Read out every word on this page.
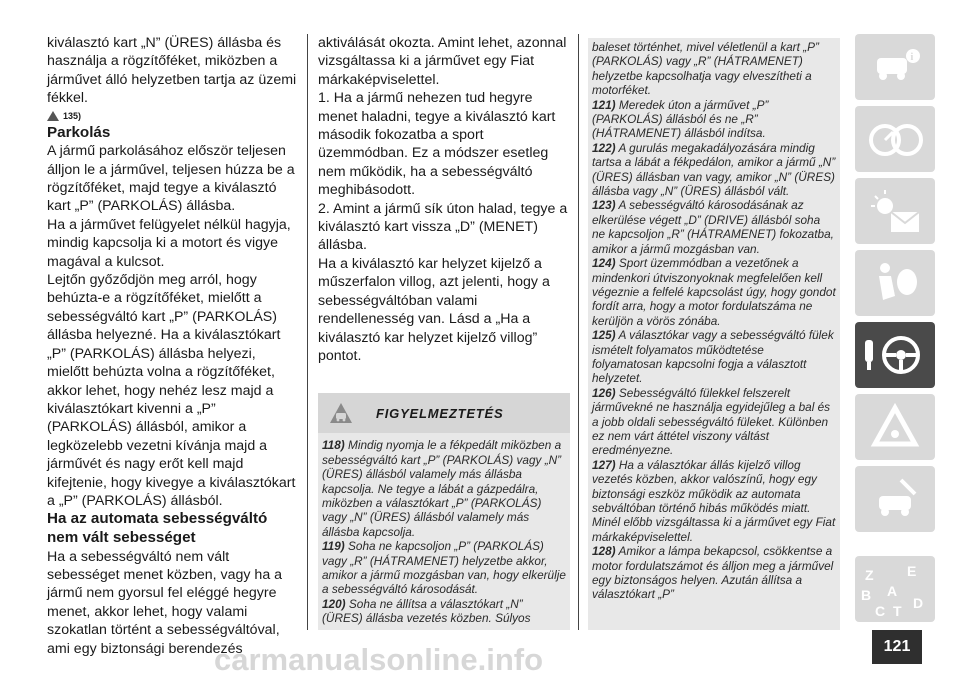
kiválasztó kart „N” (ÜRES) állásba és használja a rögzítőféket, miközben a járművet álló helyzetben tartja az üzemi fékkel.

135)

Parkolás

A jármű parkolásához először teljesen álljon le a járművel, teljesen húzza be a rögzítőféket, majd tegye a kiválasztó kart „P” (PARKOLÁS) állásba.

Ha a járművet felügyelet nélkül hagyja, mindig kapcsolja ki a motort és vigye magával a kulcsot.

Lejtőn győződjön meg arról, hogy behúzta-e a rögzítőféket, mielőtt a sebességváltó kart „P” (PARKOLÁS) állásba helyezné. Ha a kiválasztókart „P” (PARKOLÁS) állásba helyezi, mielőtt behúzta volna a rögzítőféket, akkor lehet, hogy nehéz lesz majd a kiválasztókart kivenni a „P” (PARKOLÁS) állásból, amikor a legközelebb vezetni kívánja majd a járművét és nagy erőt kell majd kifejtenie, hogy kivegye a kiválasztókart a „P” (PARKOLÁS) állásból.

Ha az automata sebességváltó nem vált sebességet

Ha a sebességváltó nem vált sebességet menet közben, vagy ha a jármű nem gyorsul fel eléggé hegyre menet, akkor lehet, hogy valami szokatlan történt a sebességváltóval, ami egy biztonsági berendezés

aktiválását okozta. Amint lehet, azonnal vizsgáltassa ki a járművet egy Fiat márkaképviselettel.

1. Ha a jármű nehezen tud hegyre menet haladni, tegye a kiválasztó kart második fokozatba a sport üzemmódban. Ez a módszer esetleg nem működik, ha a sebességváltó meghibásodott.

2. Amint a jármű sík úton halad, tegye a kiválasztó kart vissza „D” (MENET) állásba.

Ha a kiválasztó kar helyzet kijelző a műszerfalon villog, azt jelenti, hogy a sebességváltóban valami rendellenesség van. Lásd a „Ha a kiválasztó kar helyzet kijelző villog” pontot.

FIGYELMEZTETÉS

118) Mindig nyomja le a fékpedált miközben a sebességváltó kart „P” (PARKOLÁS) vagy „N” (ÜRES) állásból valamely más állásba kapcsolja. Ne tegye a lábát a gázpedálra, miközben a választókart „P” (PARKOLÁS) vagy „N” (ÜRES) állásból valamely más állásba kapcsolja.

119) Soha ne kapcsoljon „P” (PARKOLÁS) vagy „R” (HÁTRAMENET) helyzetbe akkor, amikor a jármű mozgásban van, hogy elkerülje a sebességváltó károsodását.

120) Soha ne állítsa a választókart „N” (ÜRES) állásba vezetés közben. Súlyos

baleset történhet, mivel véletlenül a kart „P” (PARKOLÁS) vagy „R” (HÁTRAMENET) helyzetbe kapcsolhatja vagy elveszítheti a motorféket.

121) Meredek úton a járművet „P” (PARKOLÁS) állásból és ne „R” (HÁTRAMENET) állásból indítsa.

122) A gurulás megakadályozására mindig tartsa a lábát a fékpedálon, amikor a jármű „N” (ÜRES) állásban van vagy, amikor „N” (ÜRES) állásba vagy „N” (ÜRES) állásból vált.

123) A sebességváltó károsodásának az elkerülése végett „D” (DRIVE) állásból soha ne kapcsoljon „R” (HÁTRAMENET) fokozatba, amikor a jármű mozgásban van.

124) Sport üzemmódban a vezetőnek a mindenkori útviszonyoknak megfelelően kell végeznie a felfelé kapcsolást úgy, hogy gondot fordít arra, hogy a motor fordulatszáma ne kerüljön a vörös zónába.

125) A választókar vagy a sebességváltó fülek ismételt folyamatos működtetése folyamatosan kapcsolni fogja a választott helyzetet.

126) Sebességváltó fülekkel felszerelt járművekné ne használja egyidejűleg a bal és a jobb oldali sebességváltó füleket. Különben ez nem várt áttétel viszony váltást eredményezne.

127) Ha a választókar állás kijelző villog vezetés közben, akkor valószínű, hogy egy biztonsági eszköz működik az automata sebváltóban történő hibás működés miatt. Minél előbb vizsgáltassa ki a járművet egy Fiat márkaképviselettel.

128) Amikor a lámpa bekapcsol, csökkentse a motor fordulatszámot és álljon meg a járművel egy biztonságos helyen. Azután állítsa a választókart „P”

i
Z E
B A
C T D
121
carmanualsonline.info
